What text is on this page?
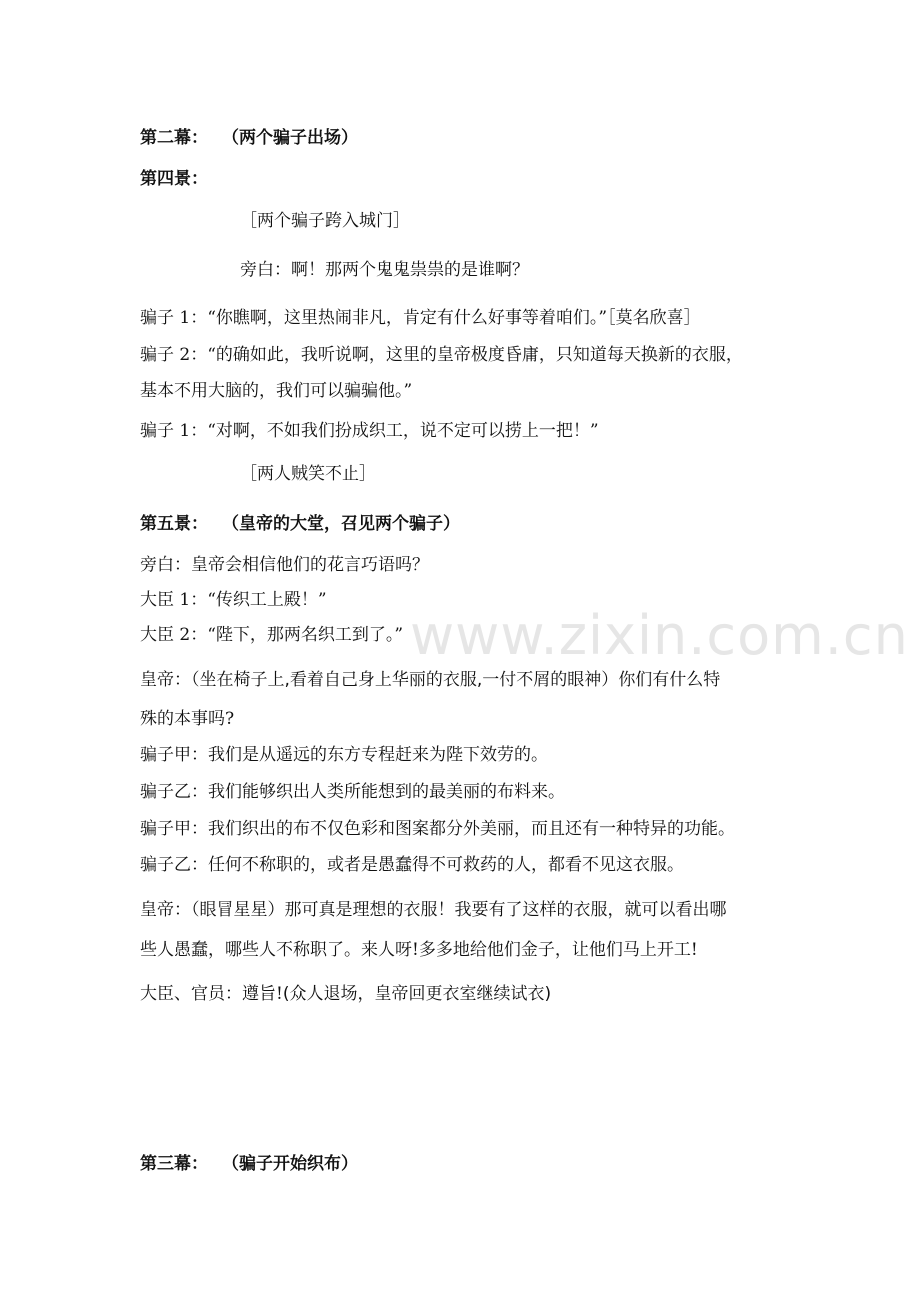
www.zixin.com.cn
第二幕： （两个骗子出场）
第四景：
［两个骗子跨入城门］
旁白：啊！那两个鬼鬼祟祟的是谁啊？
骗子 1：“你瞧啊，这里热闹非凡，肯定有什么好事等着咱们。”［莫名欣喜］
骗子 2：“的确如此，我听说啊，这里的皇帝极度昏庸，只知道每天换新的衣服，
基本不用大脑的，我们可以骗骗他。”
骗子 1：“对啊，不如我们扮成织工，说不定可以捞上一把！”
［两人贼笑不止］
第五景： （皇帝的大堂，召见两个骗子）
旁白：皇帝会相信他们的花言巧语吗？
大臣 1：“传织工上殿！”
大臣 2：“陛下，那两名织工到了。”
皇帝：（坐在椅子上,看着自己身上华丽的衣服,一付不屑的眼神）你们有什么特
殊的本事吗?
骗子甲：我们是从遥远的东方专程赶来为陛下效劳的。
骗子乙：我们能够织出人类所能想到的最美丽的布料来。
骗子甲：我们织出的布不仅色彩和图案都分外美丽，而且还有一种特异的功能。
骗子乙：任何不称职的，或者是愚蠢得不可救药的人，都看不见这衣服。
皇帝：（眼冒星星）那可真是理想的衣服！我要有了这样的衣服，就可以看出哪
些人愚蠢，哪些人不称职了。来人呀!多多地给他们金子，让他们马上开工!
大臣、官员：遵旨!(众人退场，皇帝回更衣室继续试衣)
第三幕： （骗子开始织布）
